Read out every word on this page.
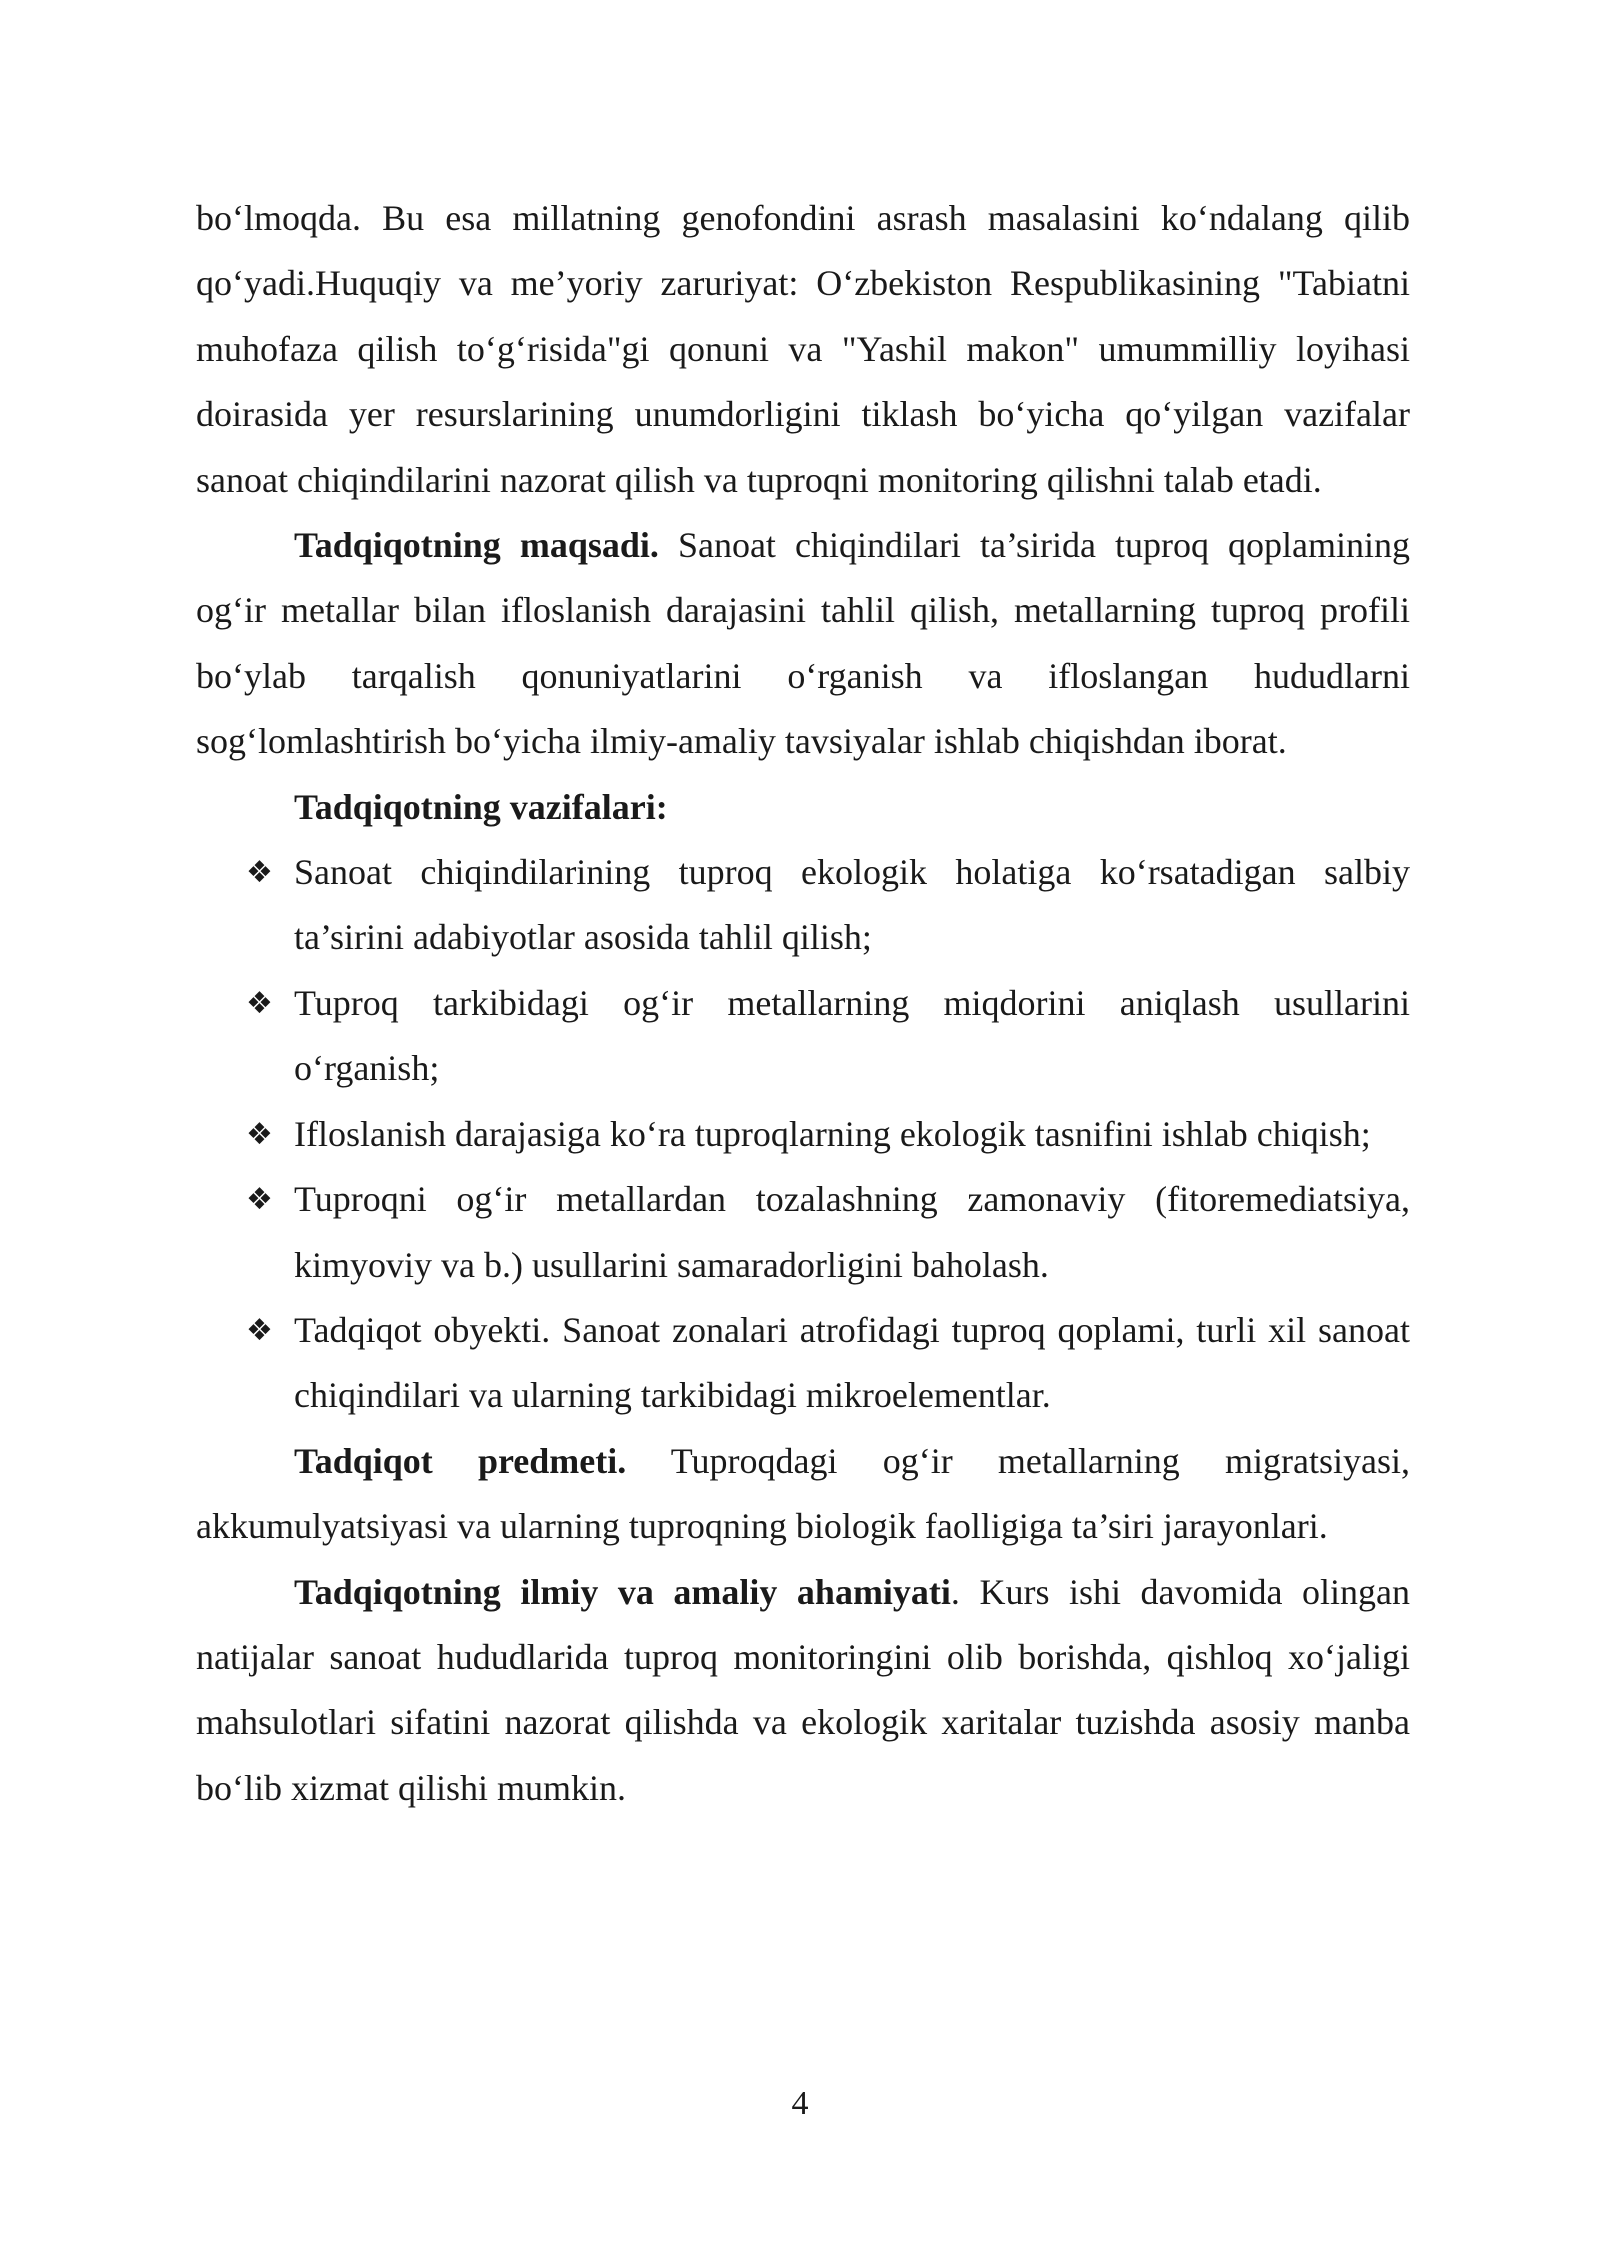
bo‘lmoqda. Bu esa millatning genofondini asrash masalasini ko‘ndalang qilib qo‘yadi.Huquqiy va me’yoriy zaruriyat: O‘zbekiston Respublikasining "Tabiatni muhofaza qilish to‘g‘risida"gi qonuni va "Yashil makon" umummilliy loyihasi doirasida yer resurslarining unumdorligini tiklash bo‘yicha qo‘yilgan vazifalar sanoat chiqindilarini nazorat qilish va tuproqni monitoring qilishni talab etadi.

Tadqiqotning maqsadi. Sanoat chiqindilari ta’sirida tuproq qoplamining og‘ir metallar bilan ifloslanish darajasini tahlil qilish, metallarning tuproq profili bo‘ylab tarqalish qonuniyatlarini o‘rganish va ifloslangan hududlarni sog‘lomlashtirish bo‘yicha ilmiy-amaliy tavsiyalar ishlab chiqishdan iborat.

Tadqiqotning vazifalari:

❖ Sanoat chiqindilarining tuproq ekologik holatiga ko‘rsatadigan salbiy ta’sirini adabiyotlar asosida tahlil qilish;
❖ Tuproq tarkibidagi og‘ir metallarning miqdorini aniqlash usullarini o‘rganish;
❖ Ifloslanish darajasiga ko‘ra tuproqlarning ekologik tasnifini ishlab chiqish;
❖ Tuproqni og‘ir metallardan tozalashning zamonaviy (fitoremediatsiya, kimyoviy va b.) usullarini samaradorligini baholash.
❖ Tadqiqot obyekti. Sanoat zonalari atrofidagi tuproq qoplami, turli xil sanoat chiqindilari va ularning tarkibidagi mikroelementlar.

Tadqiqot predmeti. Tuproqdagi og‘ir metallarning migratsiyasi, akkumulyatsiyasi va ularning tuproqning biologik faolligiga ta’siri jarayonlari.

Tadqiqotning ilmiy va amaliy ahamiyati. Kurs ishi davomida olingan natijalar sanoat hududlarida tuproq monitoringini olib borishda, qishloq xo‘jaligi mahsulotlari sifatini nazorat qilishda va ekologik xaritalar tuzishda asosiy manba bo‘lib xizmat qilishi mumkin.

4
